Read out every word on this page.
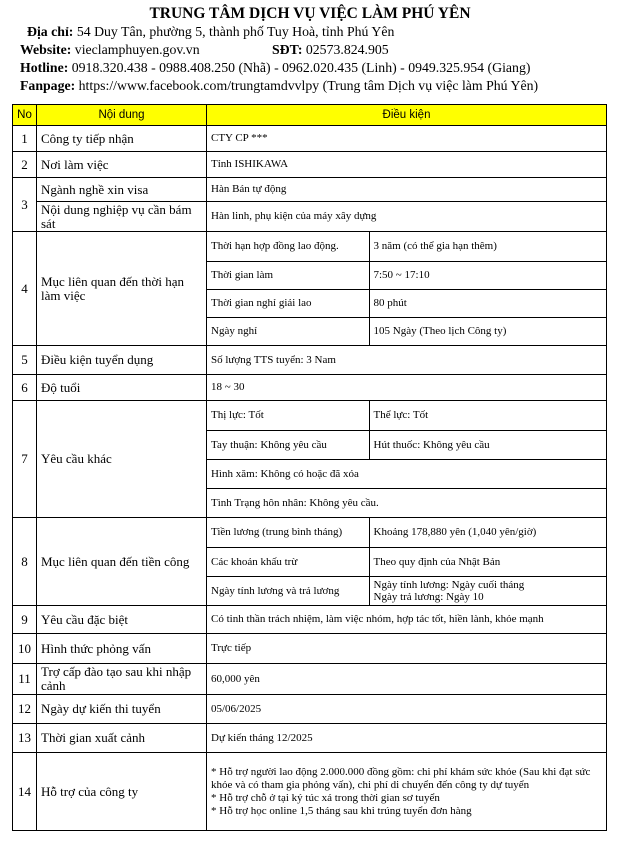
TRUNG TÂM DỊCH VỤ VIỆC LÀM PHÚ YÊN
Địa chỉ: 54 Duy Tân, phường 5, thành phố Tuy Hoà, tỉnh Phú Yên
Website: vieclamphuyen.gov.vn	SĐT: 02573.824.905
Hotline: 0918.320.438 - 0988.408.250 (Nhã) - 0962.020.435 (Linh) - 0949.325.954 (Giang)
Fanpage: https://www.facebook.com/trungtamdvvlpy (Trung tâm Dịch vụ việc làm Phú Yên)
No	Nội dung	Điều kiện
1	Công ty tiếp nhận	CTY CP ***
2	Nơi làm việc	Tỉnh ISHIKAWA
3	Ngành nghề xin visa	Hàn Bán tự động
Nội dung nghiệp vụ cần bám sát	Hàn linh, phụ kiện của máy xây dựng
4	Mục liên quan đến thời hạn làm việc	
Thời hạn hợp đồng lao động.	3 năm (có thể gia hạn thêm)
Thời gian làm	7:50 ~ 17:10
Thời gian nghỉ giải lao	80 phút
Ngày nghỉ	105 Ngày (Theo lịch Công ty)

5	Điều kiện tuyển dụng	Số lượng TTS tuyển: 3 Nam
6	Độ tuổi	18 ~ 30
7	Yêu cầu khác	
Thị lực: Tốt	Thể lực: Tốt
Tay thuận: Không yêu cầu	Hút thuốc: Không yêu cầu
Hình xăm: Không có hoặc đã xóa
Tình Trạng hôn nhân: Không yêu cầu.

8	Mục liên quan đến tiền công	
Tiền lương (trung bình tháng)	Khoảng 178,880 yên (1,040 yên/giờ)
Các khoản khấu trừ	Theo quy định của Nhật Bản
Ngày tính lương và trả lương	Ngày tính lương: Ngày cuối tháng
Ngày trả lương: Ngày 10

9	Yêu cầu đặc biệt	Có tinh thần trách nhiệm, làm việc nhóm, hợp tác tốt, hiền lành, khỏe mạnh
10	Hình thức phỏng vấn	Trực tiếp
11	Trợ cấp đào tạo sau khi nhập cảnh	60,000 yên
12	Ngày dự kiến thi tuyển	05/06/2025
13	Thời gian xuất cảnh	Dự kiến tháng 12/2025
14	Hỗ trợ của công ty	
* Hỗ trợ người lao động 2.000.000 đồng gồm: chi phí khám sức khỏe (Sau khi đạt sức khỏe và có tham gia phỏng vấn), chi phí di chuyển đến công ty dự tuyển
* Hỗ trợ chỗ ở tại ký túc xá trong thời gian sơ tuyển
* Hỗ trợ học online 1,5 tháng sau khi trúng tuyển đơn hàng
